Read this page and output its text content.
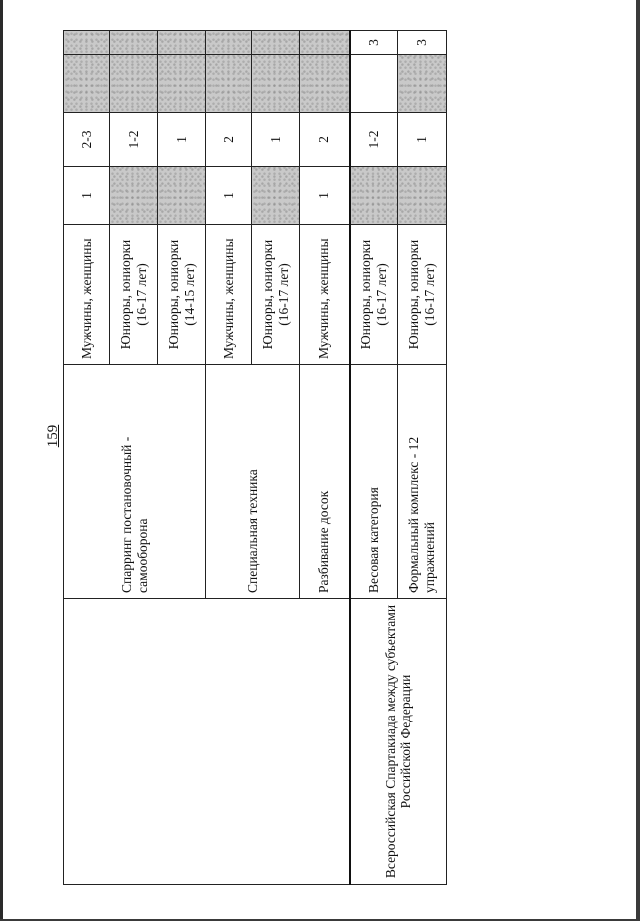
159
	Спарринг постановочный - самооборона	Мужчины, женщины	1	2-3		
		Юниоры, юниорки (16-17 лет)		1-2		
		Юниоры, юниорки (14-15 лет)		1		
	Специальная техника	Мужчины, женщины	1	2		
		Юниоры, юниорки (16-17 лет)		1		
	Разбивание досок	Мужчины, женщины	1	2		
Всероссийская Спартакиада между субъектами Российской Федерации	Весовая категория	Юниоры, юниорки (16-17 лет)		1-2		3
	Формальный комплекс - 12 упражнений	Юниоры, юниорки (16-17 лет)		1		3
